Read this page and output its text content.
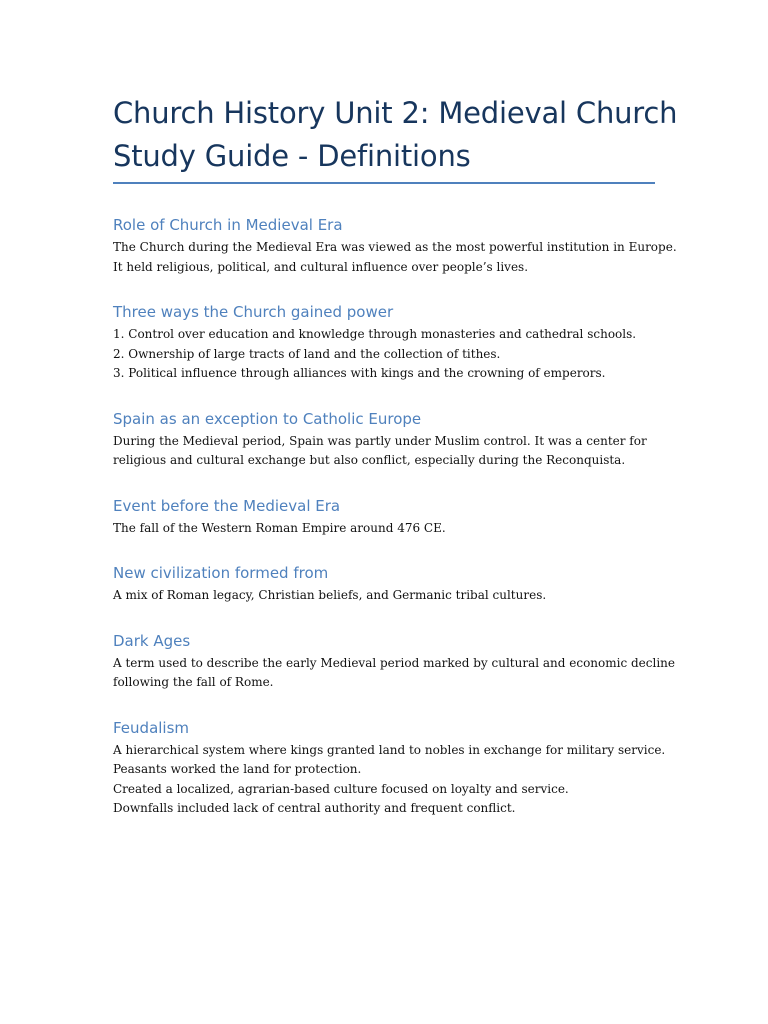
Church History Unit 2: Medieval Church
Study Guide - Definitions
Role of Church in Medieval Era

The Church during the Medieval Era was viewed as the most powerful institution in Europe.
It held religious, political, and cultural influence over people’s lives.

Three ways the Church gained power

1. Control over education and knowledge through monasteries and cathedral schools.
2. Ownership of large tracts of land and the collection of tithes.
3. Political influence through alliances with kings and the crowning of emperors.

Spain as an exception to Catholic Europe

During the Medieval period, Spain was partly under Muslim control. It was a center for
religious and cultural exchange but also conflict, especially during the Reconquista.

Event before the Medieval Era

The fall of the Western Roman Empire around 476 CE.

New civilization formed from

A mix of Roman legacy, Christian beliefs, and Germanic tribal cultures.

Dark Ages

A term used to describe the early Medieval period marked by cultural and economic decline
following the fall of Rome.

Feudalism

A hierarchical system where kings granted land to nobles in exchange for military service.
Peasants worked the land for protection.
Created a localized, agrarian-based culture focused on loyalty and service.
Downfalls included lack of central authority and frequent conflict.
